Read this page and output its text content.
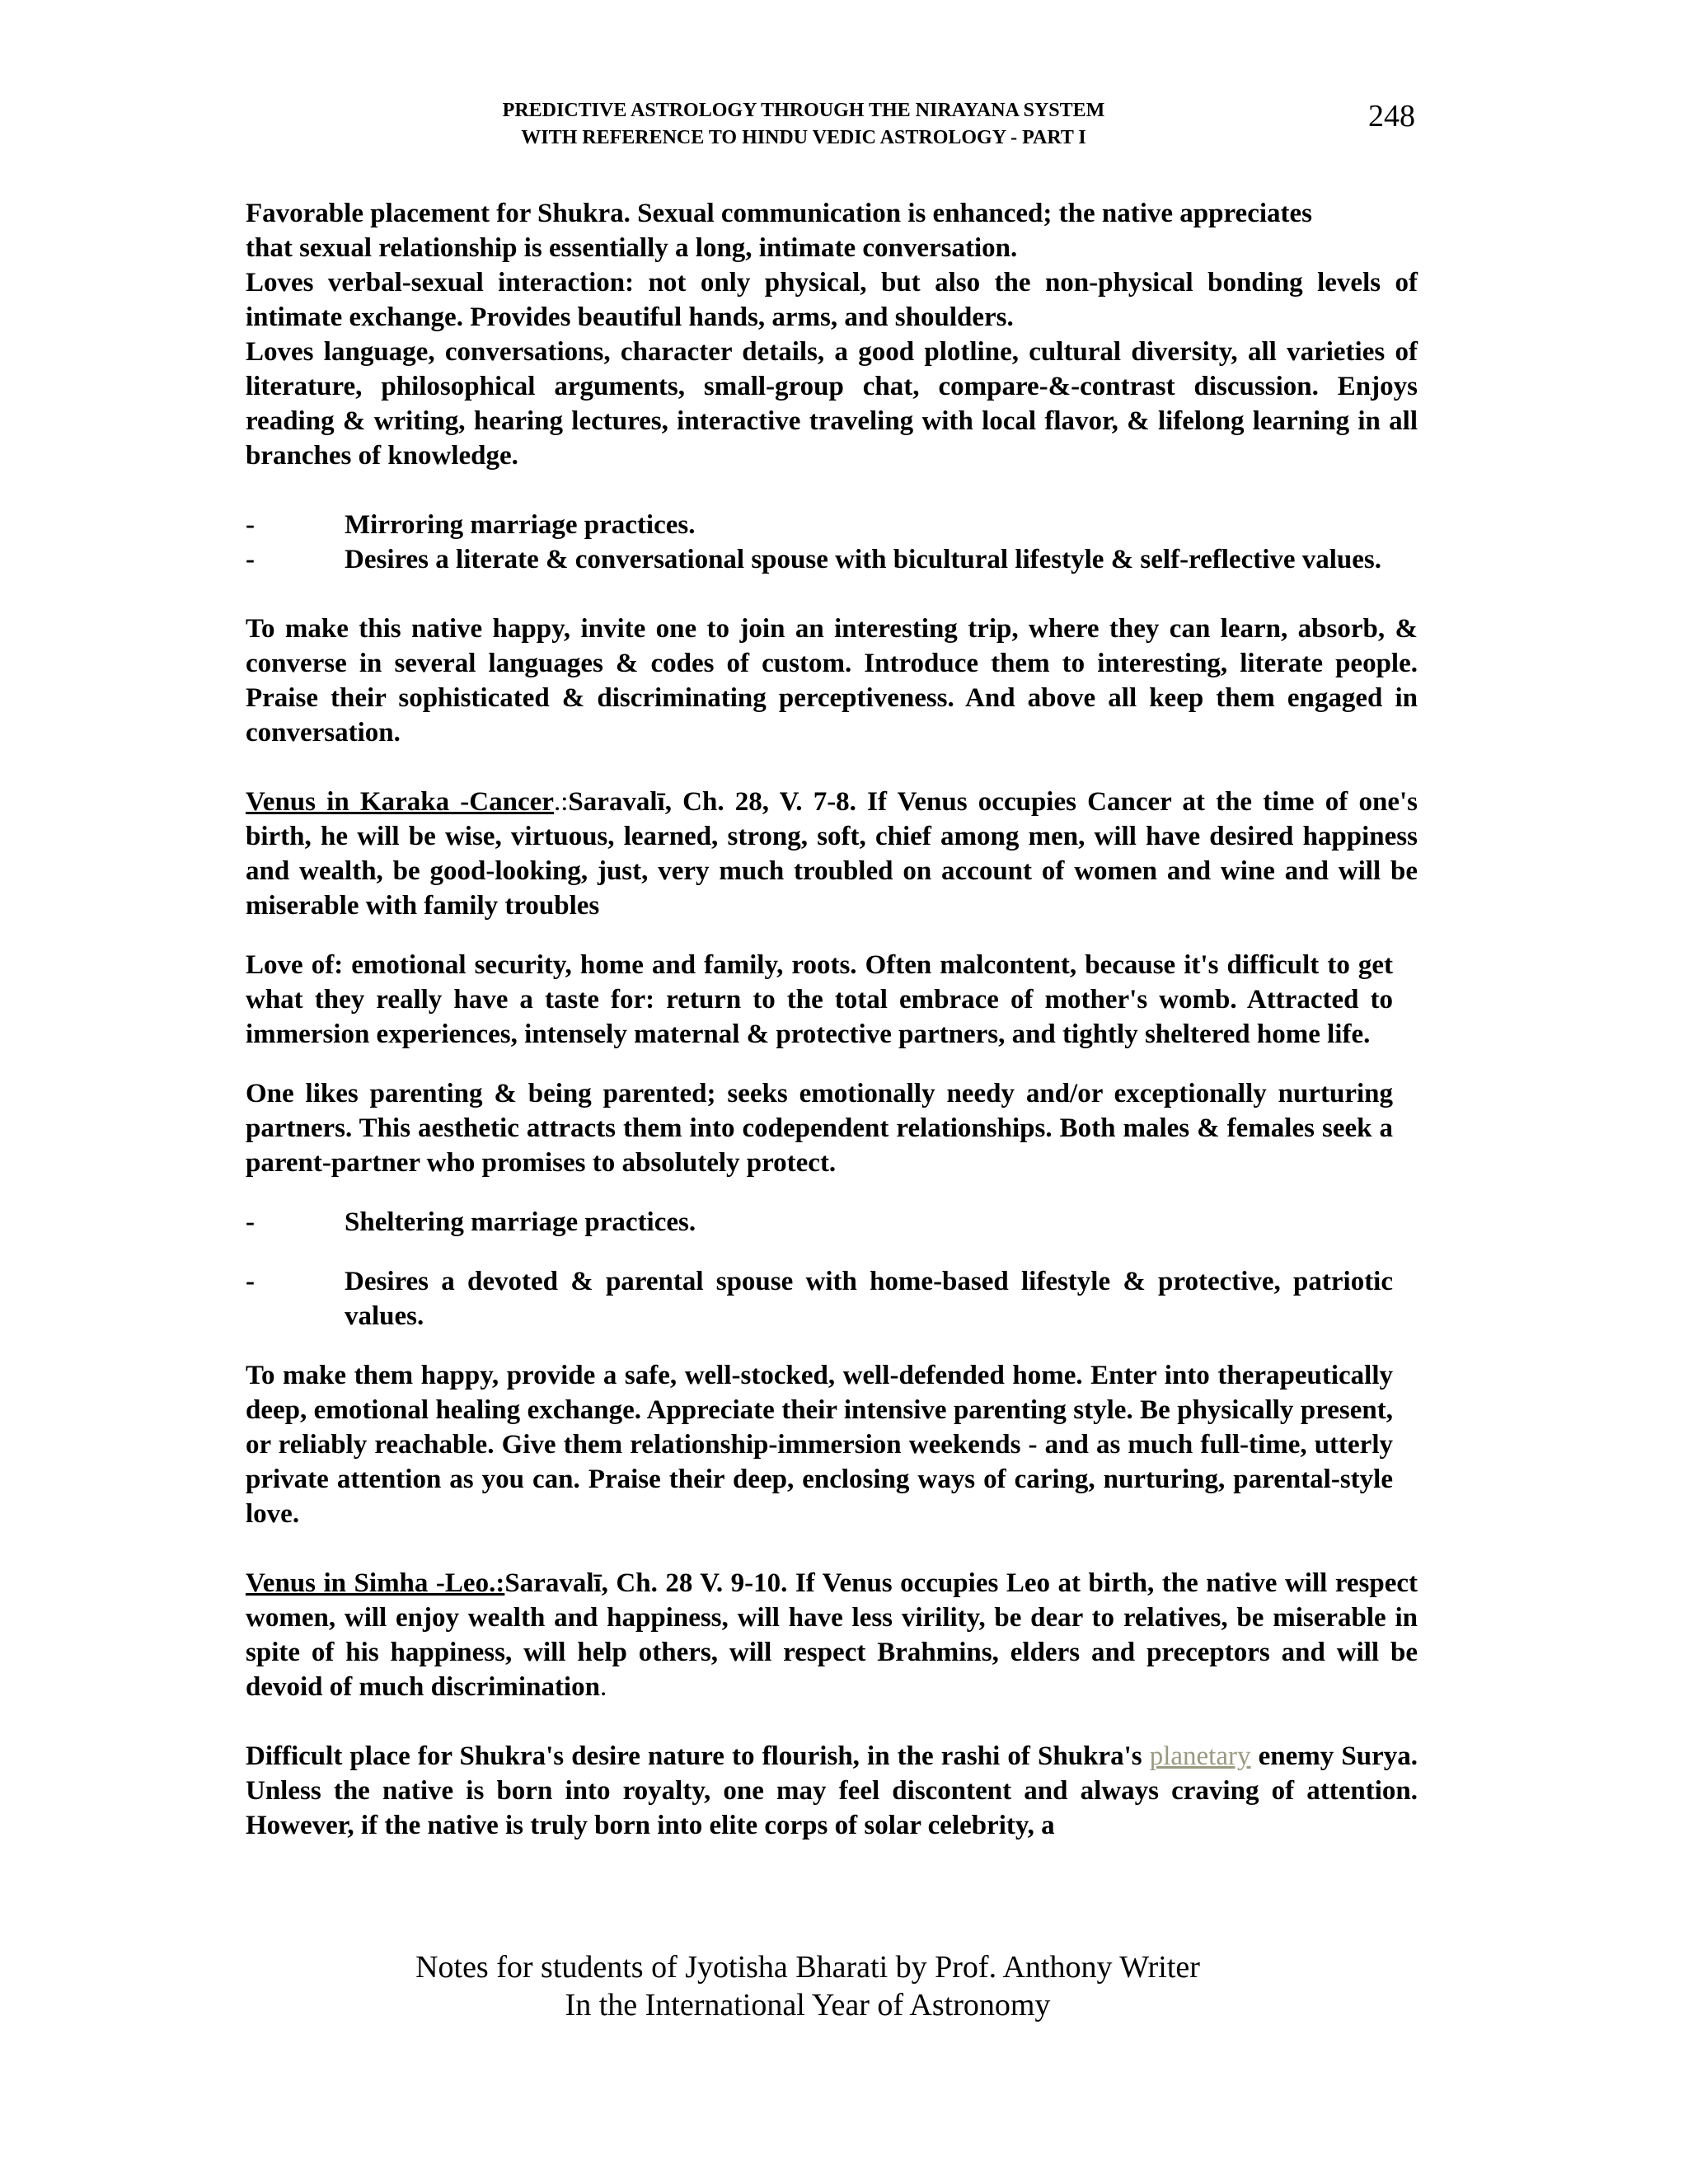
PREDICTIVE ASTROLOGY THROUGH THE NIRAYANA SYSTEM
WITH REFERENCE TO HINDU VEDIC ASTROLOGY - PART I
248

Favorable placement for Shukra. Sexual communication is enhanced; the native appreciates
that sexual relationship is essentially a long, intimate conversation.

Loves verbal-sexual interaction: not only physical, but also the non-physical bonding levels of intimate exchange. Provides beautiful hands, arms, and shoulders.

Loves language, conversations, character details, a good plotline, cultural diversity, all varieties of literature, philosophical arguments, small-group chat, compare-&-contrast discussion. Enjoys reading & writing, hearing lectures, interactive traveling with local flavor, & lifelong learning in all branches of knowledge.

-	Mirroring marriage practices.
-	Desires a literate & conversational spouse with bicultural lifestyle & self-reflective values.

To make this native happy, invite one to join an interesting trip, where they can learn, absorb, & converse in several languages & codes of custom. Introduce them to interesting, literate people. Praise their sophisticated & discriminating perceptiveness. And above all keep them engaged in conversation.

Venus in Karaka -Cancer.:Saravalī, Ch. 28, V. 7-8. If Venus occupies Cancer at the time of one's birth, he will be wise, virtuous, learned, strong, soft, chief among men, will have desired happiness and wealth, be good-looking, just, very much troubled on account of women and wine and will be miserable with family troubles

Love of: emotional security, home and family, roots. Often malcontent, because it's difficult to get what they really have a taste for: return to the total embrace of mother's womb. Attracted to immersion experiences, intensely maternal & protective partners, and tightly sheltered home life.

One likes parenting & being parented; seeks emotionally needy and/or exceptionally nurturing partners. This aesthetic attracts them into codependent relationships. Both males & females seek a parent-partner who promises to absolutely protect.

-	Sheltering marriage practices.
-	Desires a devoted & parental spouse with home-based lifestyle & protective, patriotic values.

To make them happy, provide a safe, well-stocked, well-defended home. Enter into therapeutically deep, emotional healing exchange. Appreciate their intensive parenting style. Be physically present, or reliably reachable. Give them relationship-immersion weekends - and as much full-time, utterly private attention as you can. Praise their deep, enclosing ways of caring, nurturing, parental-style love.

Venus in Simha -Leo.:Saravalī, Ch. 28 V. 9-10. If Venus occupies Leo at birth, the native will respect women, will enjoy wealth and happiness, will have less virility, be dear to relatives, be miserable in spite of his happiness, will help others, will respect Brahmins, elders and preceptors and will be devoid of much discrimination.

Difficult place for Shukra's desire nature to flourish, in the rashi of Shukra's planetary enemy Surya. Unless the native is born into royalty, one may feel discontent and always craving of attention. However, if the native is truly born into elite corps of solar celebrity, a

Notes for students of Jyotisha Bharati by Prof. Anthony Writer
In the International Year of Astronomy
